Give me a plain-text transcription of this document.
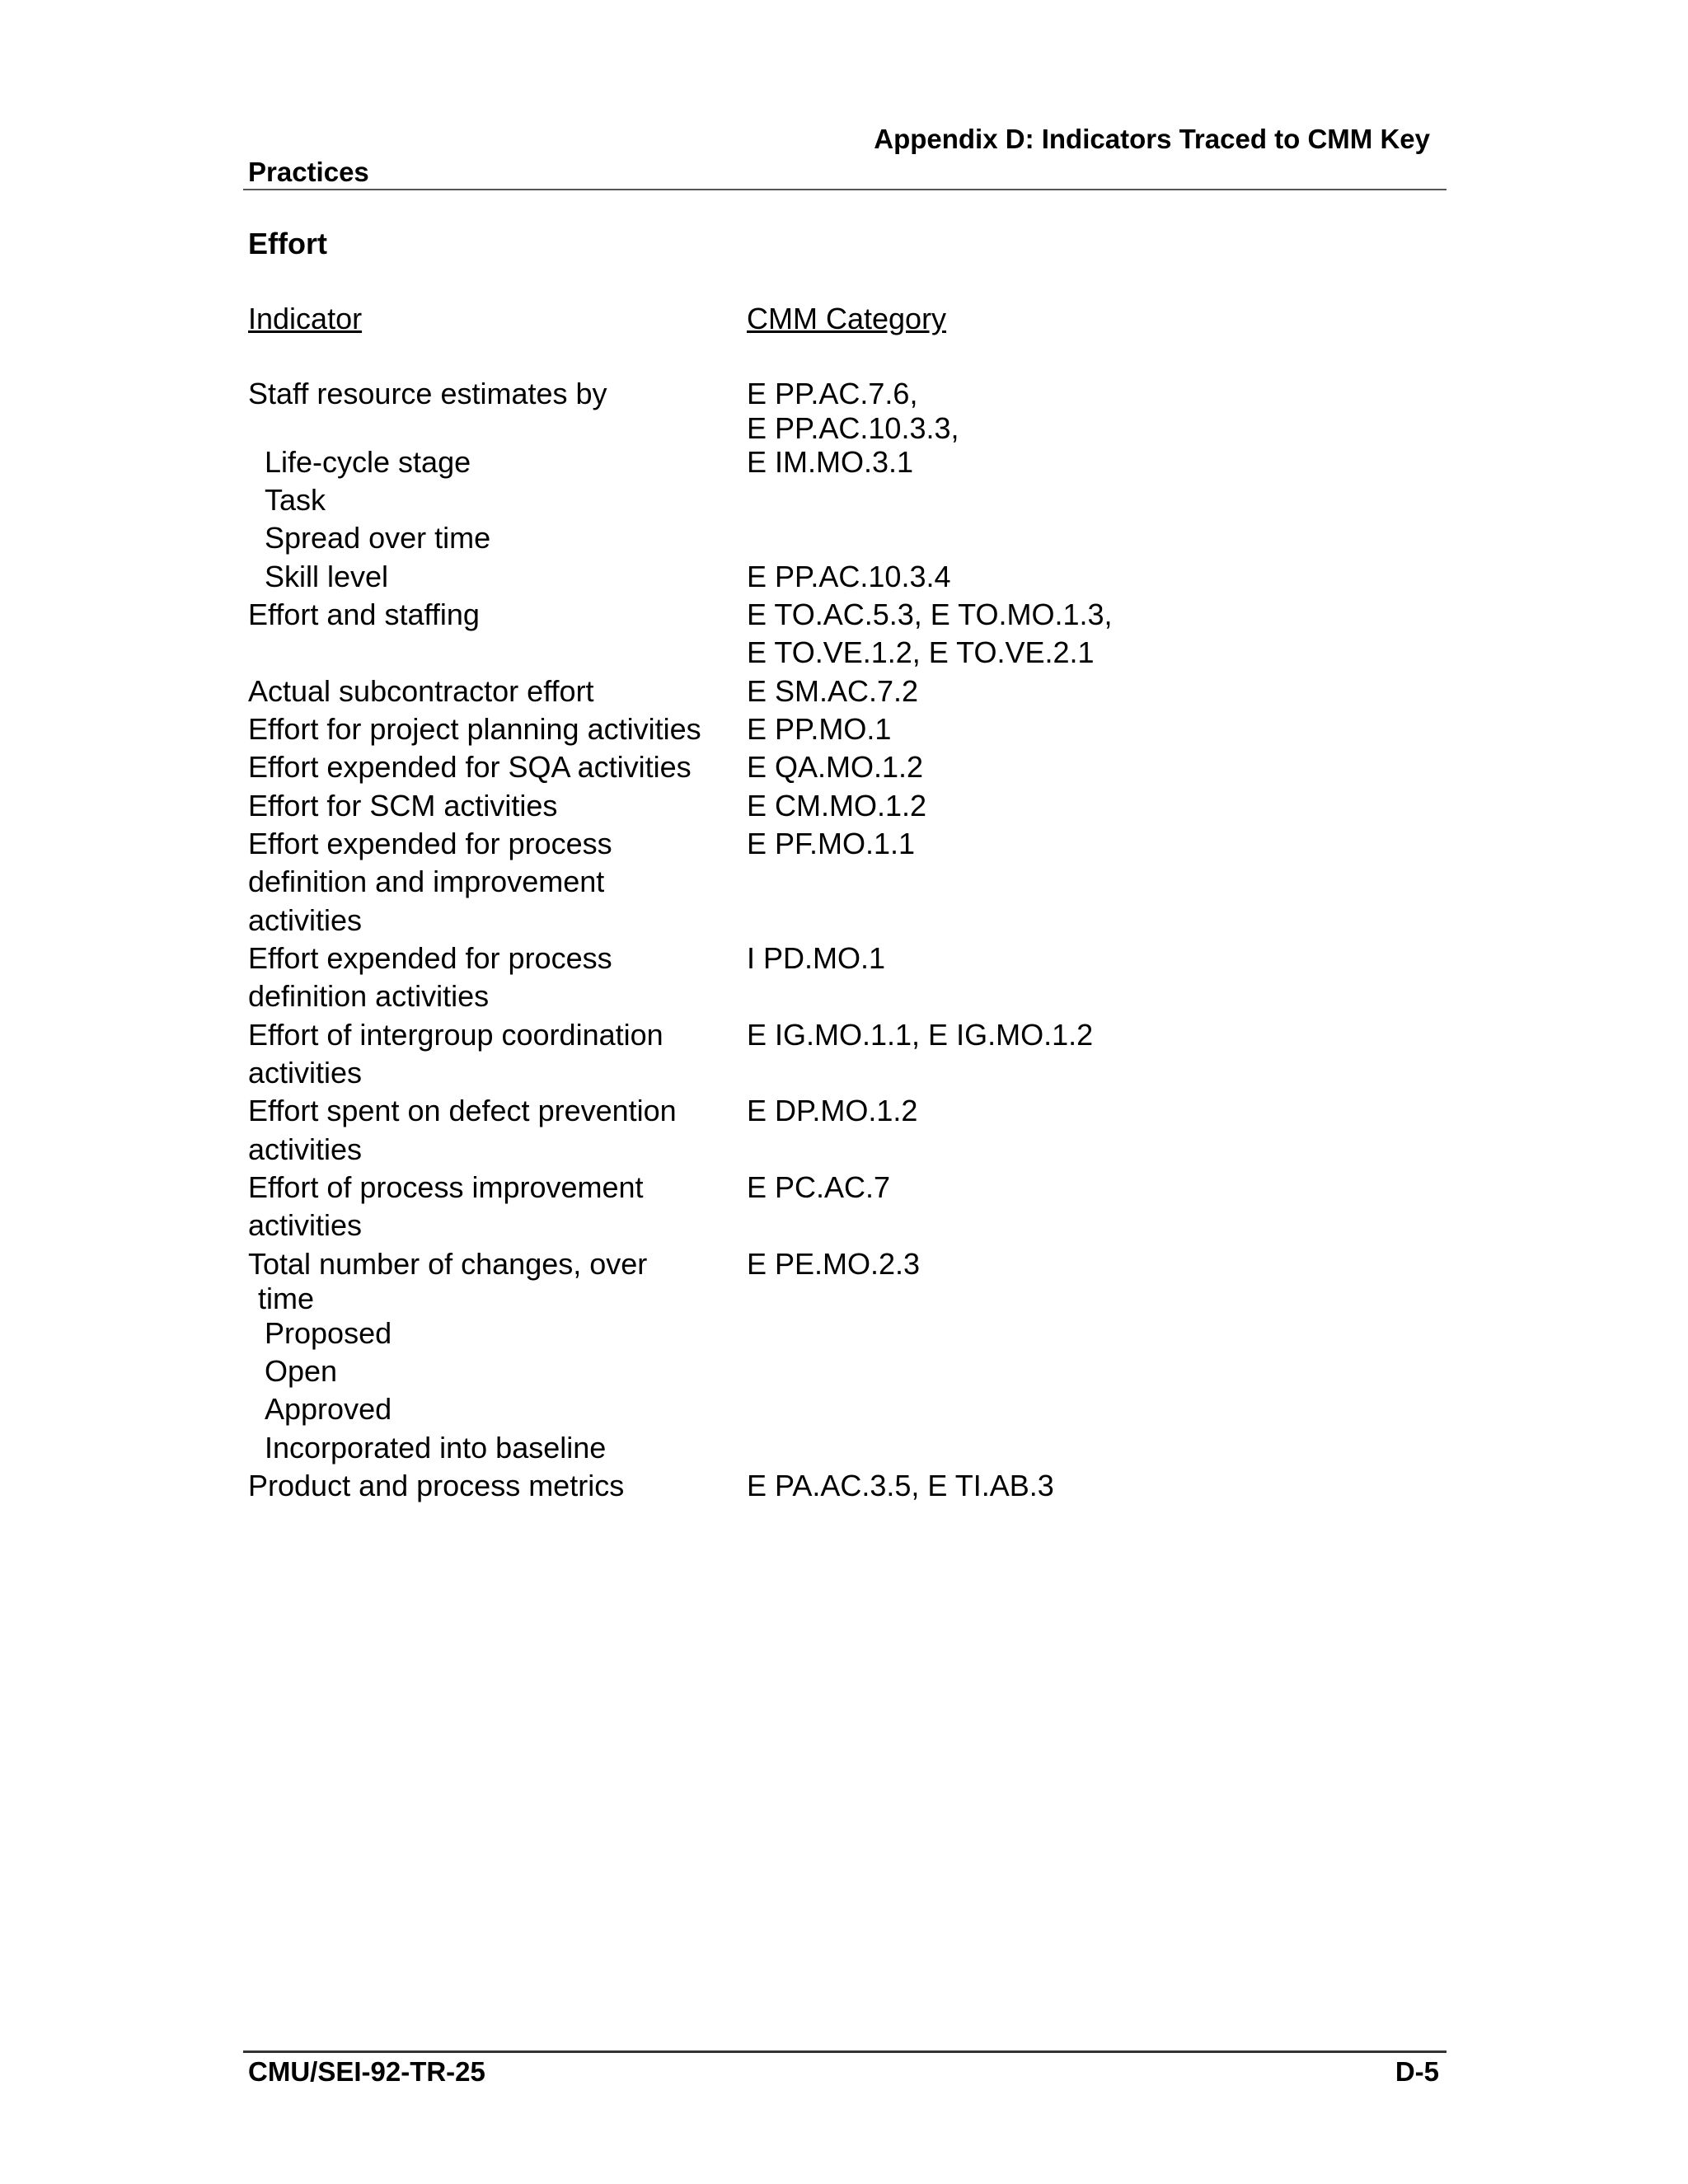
Appendix D: Indicators Traced to CMM Key
Practices
Effort
Indicator	CMM Category
Staff resource estimates by
Life-cycle stage
Task
Spread over time
Skill level
Effort and staffing
Actual subcontractor effort
Effort for project planning activities
Effort expended for SQA activities
Effort for SCM activities
Effort expended for process
definition and improvement
activities
Effort expended for process
definition activities
Effort of intergroup coordination
activities
Effort spent on defect prevention
activities
Effort of process improvement
activities
Total number of changes, over
time
Proposed
Open
Approved
Incorporated into baseline
Product and process metrics
E PP.AC.7.6,
E PP.AC.10.3.3,
E IM.MO.3.1
E PP.AC.10.3.4
E TO.AC.5.3, E TO.MO.1.3,
E TO.VE.1.2, E TO.VE.2.1
E SM.AC.7.2
E PP.MO.1
E QA.MO.1.2
E CM.MO.1.2
E PF.MO.1.1
I PD.MO.1
E IG.MO.1.1, E IG.MO.1.2
E DP.MO.1.2
E PC.AC.7
E PE.MO.2.3
E PA.AC.3.5, E TI.AB.3
CMU/SEI-92-TR-25	D-5
